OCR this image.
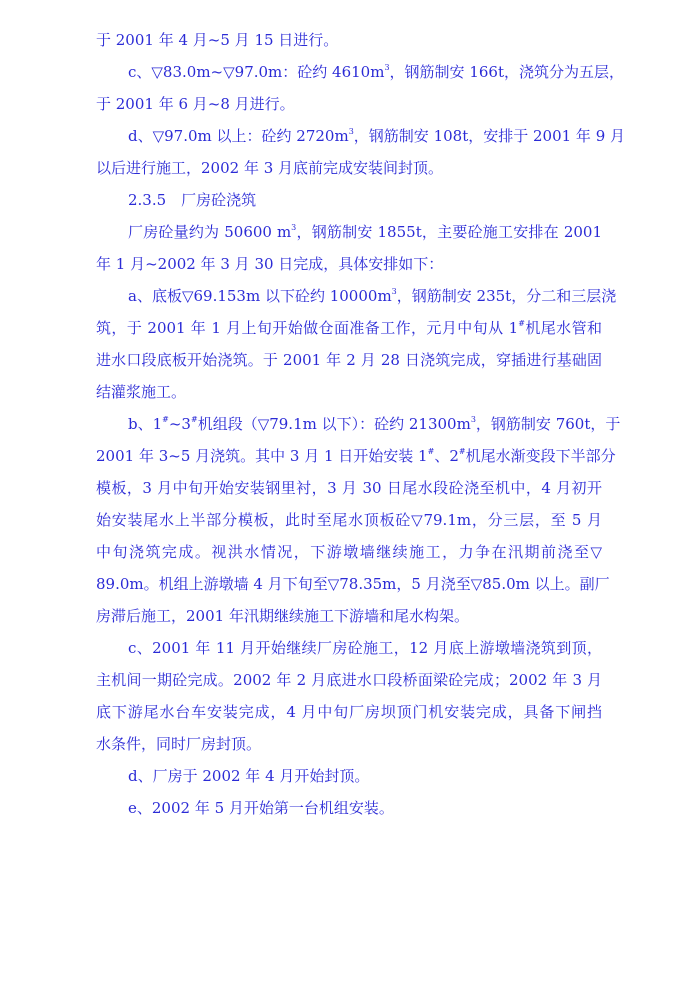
于 2001 年 4 月~5 月 15 日进行。
c、▽83.0m~▽97.0m：砼约 $4610m^3$，钢筋制安 166t，浇筑分为五层，
于 2001 年 6 月~8 月进行。
d、▽97.0m 以上：砼约 $2720m^3$，钢筋制安 108t，安排于 2001 年 9 月
以后进行施工，2002 年 3 月底前完成安装间封顶。
2.3.5　厂房砼浇筑
厂房砼量约为 50600 $m^3$，钢筋制安 1855t，主要砼施工安排在 2001
年 1 月~2002 年 3 月 30 日完成，具体安排如下：
a、底板▽69.153m 以下砼约 $10000m^3$，钢筋制安 235t，分二和三层浇
筑，于 2001 年 1 月上旬开始做仓面准备工作，元月中旬从 1#机尾水管和
进水口段底板开始浇筑。于 2001 年 2 月 28 日浇筑完成，穿插进行基础固
结灌浆施工。
b、1#~3#机组段（▽79.1m 以下）：砼约 $21300m^3$，钢筋制安 760t，于
2001 年 3~5 月浇筑。其中 3 月 1 日开始安装 1#、2#机尾水渐变段下半部分
模板，3 月中旬开始安装钢里衬，3 月 30 日尾水段砼浇至机中，4 月初开
始安装尾水上半部分模板，此时至尾水顶板砼▽79.1m，分三层，至 5 月
中旬浇筑完成。视洪水情况，下游墩墙继续施工，力争在汛期前浇至▽
89.0m。机组上游墩墙 4 月下旬至▽78.35m，5 月浇至▽85.0m 以上。副厂
房滞后施工，2001 年汛期继续施工下游墙和尾水构架。
c、2001 年 11 月开始继续厂房砼施工，12 月底上游墩墙浇筑到顶，
主机间一期砼完成。2002 年 2 月底进水口段桥面梁砼完成；2002 年 3 月
底下游尾水台车安装完成，4 月中旬厂房坝顶门机安装完成，具备下闸挡
水条件，同时厂房封顶。
d、厂房于 2002 年 4 月开始封顶。
e、2002 年 5 月开始第一台机组安装。
